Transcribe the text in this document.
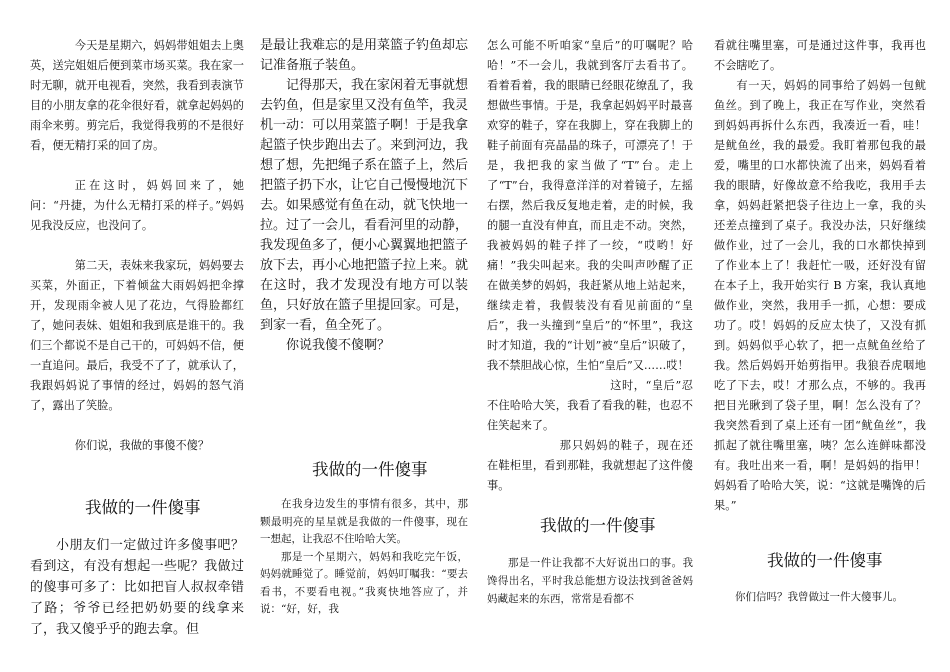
今天是星期六，妈妈带姐姐去上奥英，送完姐姐后便到菜市场买菜。我在家一时无聊，就开电视看，突然，我看到表演节目的小朋友拿的花伞很好看，就拿起妈妈的雨伞来剪。剪完后，我觉得我剪的不是很好看，便无精打采的回了房。

正在这时，妈妈回来了，她问：“丹捷，为什么无精打采的样子。”妈妈见我没反应，也没问了。

第二天，表妹来我家玩，妈妈要去买菜，外面正，下着倾盆大雨妈妈把伞撑开，发现雨伞被人见了花边，气得脸都红了，她问表妹、姐姐和我到底是谁干的。我们三个都说不是自己干的，可妈妈不信，便一直追问。最后，我受不了了，就承认了，我跟妈妈说了事情的经过，妈妈的怒气消了，露出了笑脸。

你们说，我做的事傻不傻？

是最让我难忘的是用菜篮子钓鱼却忘记准备瓶子装鱼。

记得那天，我在家闲着无事就想去钓鱼，但是家里又没有鱼竿，我灵机一动：可以用菜篮子啊！于是我拿起篮子快步跑出去了。来到河边，我想了想，先把绳子系在篮子上，然后把篮子扔下水，让它自己慢慢地沉下去。如果感觉有鱼在动，就飞快地一拉。过了一会儿，看看河里的动静，我发现鱼多了，便小心翼翼地把篮子放下去，再小心地把篮子拉上来。就在这时，我才发现没有地方可以装鱼，只好放在篮子里提回家。可是，到家一看，鱼全死了。

你说我傻不傻啊？

怎么可能不听咱家“皇后”的叮嘱呢？哈哈！”不一会儿，我就到客厅去看书了。看着看着，我的眼睛已经眼花缭乱了，我想做些事情。于是，我拿起妈妈平时最喜欢穿的鞋子，穿在我脚上，穿在我脚上的鞋子前面有亮晶晶的珠子，可漂亮了！于是，我把我的家当做了“T”台。走上了“T”台，我得意洋洋的对着镜子，左摇右摆，然后我反复地走着，走的时候，我的腿一直没有伸直，而且走不动。突然，我被妈妈的鞋子拌了一绞，“哎哟！好痛！”我尖叫起来。我的尖叫声吵醒了正在做美梦的妈妈，我赶紧从地上站起来，继续走着，我假装没有看见前面的“皇后”，我一头撞到“皇后”的“怀里”，我这时才知道，我的“计划”被“皇后”识破了，我不禁胆战心惊，生怕“皇后”又……哎！

这时，“皇后”忍不住哈哈大笑，我看了看我的鞋，也忍不住笑起来了。

那只妈妈的鞋子，现在还在鞋柜里，看到那鞋，我就想起了这件傻事。

看就往嘴里塞，可是通过这件事，我再也不会瞎吃了。

有一天，妈妈的同事给了妈妈一包鱿鱼丝。到了晚上，我正在写作业，突然看到妈妈再拆什么东西，我凑近一看，哇！是鱿鱼丝，我的最爱。我盯着那包我的最爱，嘴里的口水都快流了出来，妈妈看着我的眼睛，好像故意不给我吃，我用手去拿，妈妈赶紧把袋子往边上一拿，我的头还差点撞到了桌子。我没办法，只好继续做作业，过了一会儿，我的口水都快掉到了作业本上了！我赶忙一吸，还好没有留在本子上，我开始实行 B 方案，我认真地做作业，突然，我用手一抓，心想：要成功了。哎！妈妈的反应太快了，又没有抓到。妈妈似乎心软了，把一点鱿鱼丝给了我。然后妈妈开始剪指甲。我狼吞虎咽地吃了下去，哎！才那么点，不够的。我再把目光瞅到了袋子里，啊！怎么没有了？我突然看到了桌上还有一团“鱿鱼丝”，我抓起了就往嘴里塞，咦？怎么连鲜味都没有。我吐出来一看，啊！是妈妈的指甲！妈妈看了哈哈大笑，说：“这就是嘴馋的后果。”

我做的一件傻事

小朋友们一定做过许多傻事吧？看到这，有没有想起一些呢？我做过的傻事可多了：比如把盲人叔叔牵错了路；爷爷已经把奶奶要的线拿来了，我又傻乎乎的跑去拿。但

我做的一件傻事

在我身边发生的事情有很多，其中，那颗最明亮的星星就是我做的一件傻事，现在一想起，让我忍不住哈哈大笑。

那是一个星期六，妈妈和我吃完午饭，妈妈就睡觉了。睡觉前，妈妈叮嘱我：“要去看书，不要看电视。”我爽快地答应了，并说：“好，好，我

我做的一件傻事

那是一件让我都不大好说出口的事。我馋得出名，平时我总能想方设法找到爸爸妈妈藏起来的东西，常常是看都不

我做的一件傻事

你们信吗？我曾做过一件大傻事儿。
